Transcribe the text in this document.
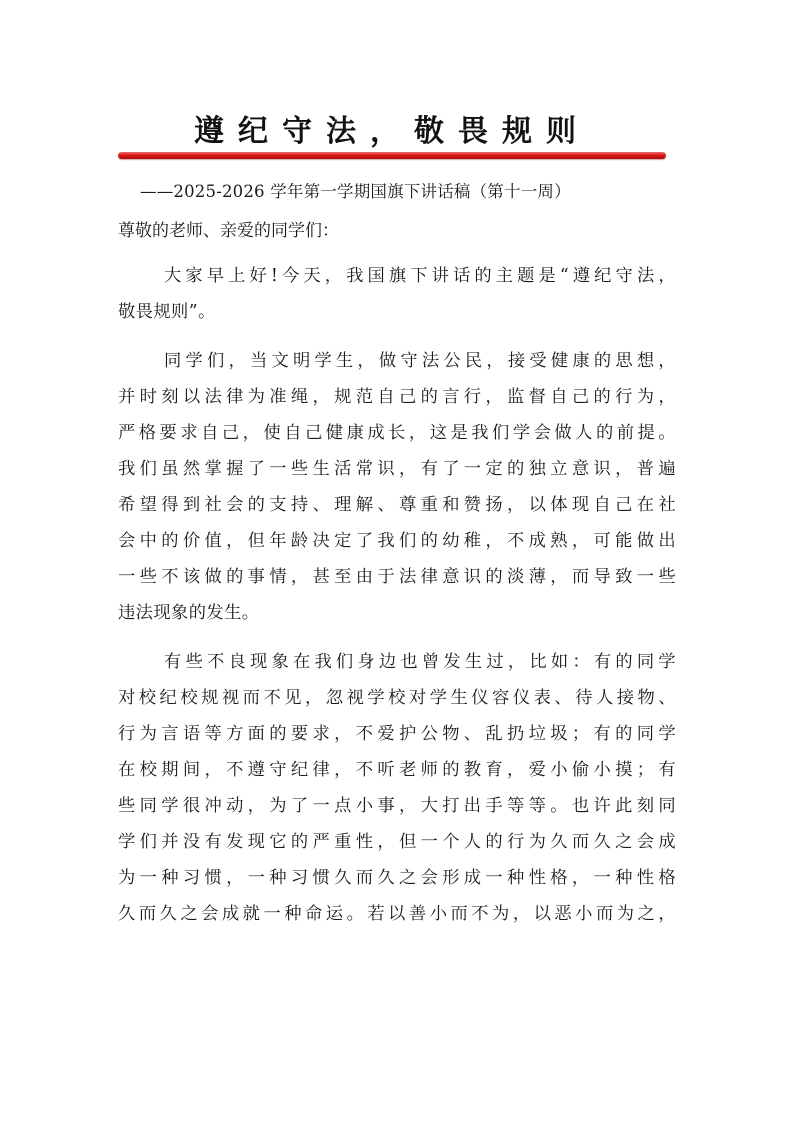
遵纪守法，敬畏规则
——2025-2026 学年第一学期国旗下讲话稿（第十一周）
尊敬的老师、亲爱的同学们：
大家早上好!今天，我国旗下讲话的主题是“遵纪守法，
敬畏规则”。
同学们，当文明学生，做守法公民，接受健康的思想，
并时刻以法律为准绳，规范自己的言行，监督自己的行为，
严格要求自己，使自己健康成长，这是我们学会做人的前提。
我们虽然掌握了一些生活常识，有了一定的独立意识，普遍
希望得到社会的支持、理解、尊重和赞扬，以体现自己在社
会中的价值，但年龄决定了我们的幼稚，不成熟，可能做出
一些不该做的事情，甚至由于法律意识的淡薄，而导致一些
违法现象的发生。
有些不良现象在我们身边也曾发生过，比如：有的同学
对校纪校规视而不见，忽视学校对学生仪容仪表、待人接物、
行为言语等方面的要求，不爱护公物、乱扔垃圾；有的同学
在校期间，不遵守纪律，不听老师的教育，爱小偷小摸；有
些同学很冲动，为了一点小事，大打出手等等。也许此刻同
学们并没有发现它的严重性，但一个人的行为久而久之会成
为一种习惯，一种习惯久而久之会形成一种性格，一种性格
久而久之会成就一种命运。若以善小而不为，以恶小而为之，
